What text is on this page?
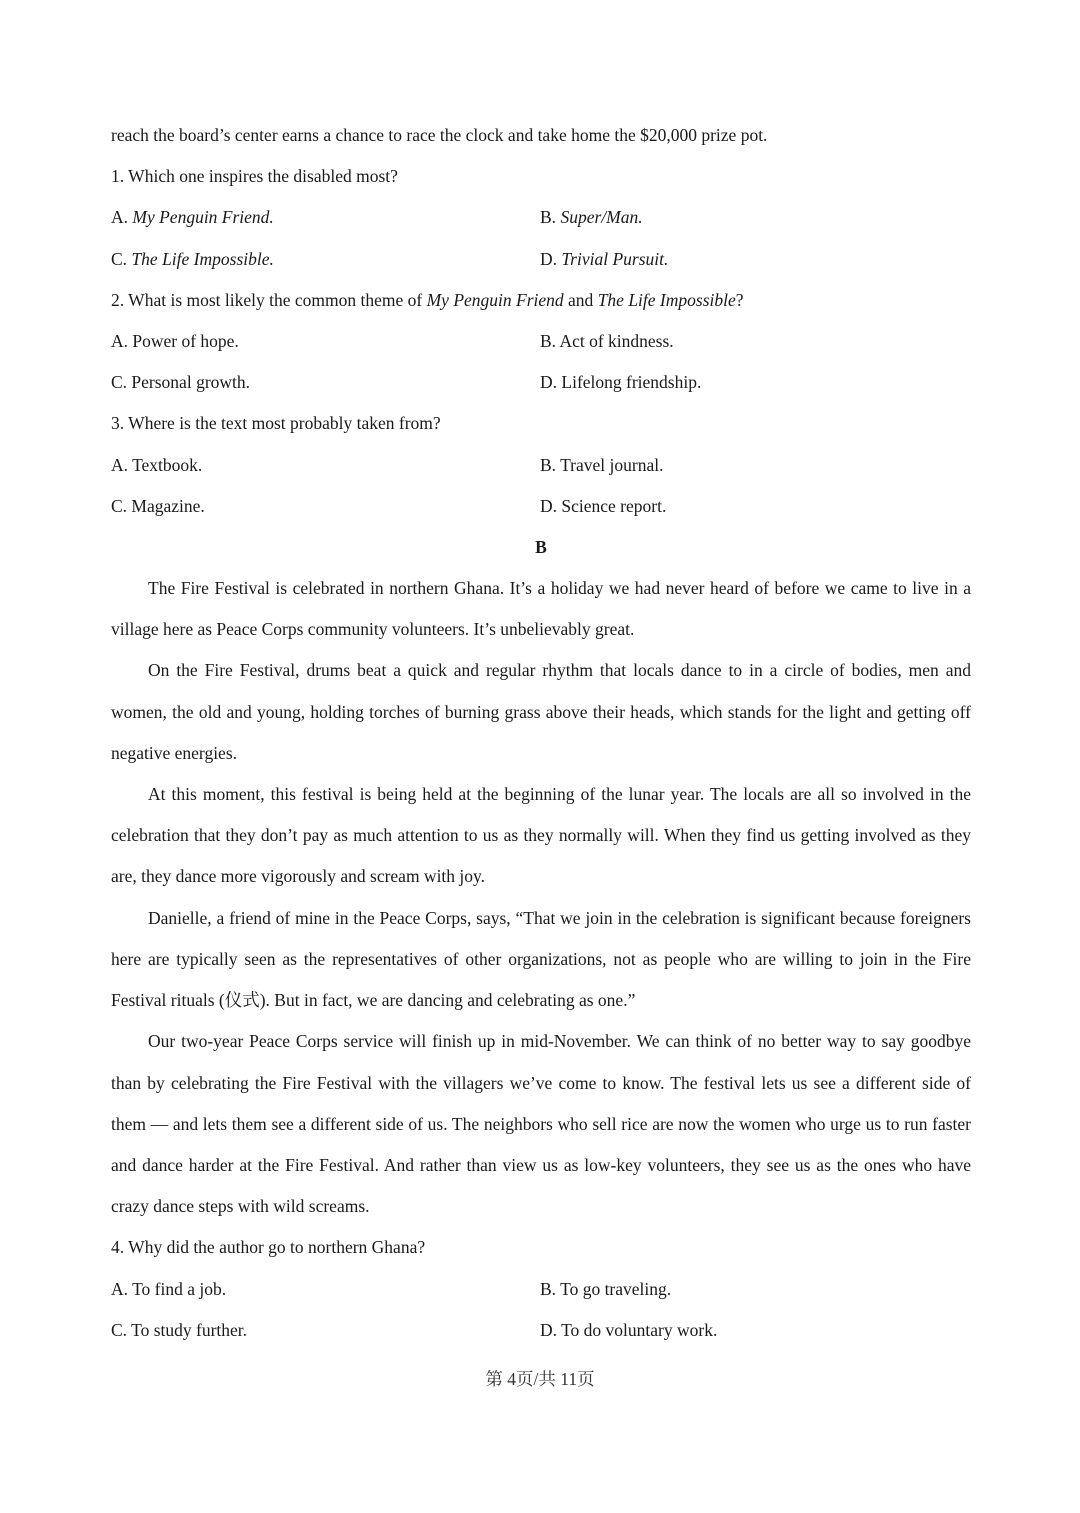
reach the board’s center earns a chance to race the clock and take home the $20,000 prize pot.
1. Which one inspires the disabled most?
A. My Penguin Friend.	B. Super/Man.
C. The Life Impossible.	D. Trivial Pursuit.
2. What is most likely the common theme of My Penguin Friend and The Life Impossible?
A. Power of hope.	B. Act of kindness.
C. Personal growth.	D. Lifelong friendship.
3. Where is the text most probably taken from?
A. Textbook.	B. Travel journal.
C. Magazine.	D. Science report.
B

The Fire Festival is celebrated in northern Ghana. It’s a holiday we had never heard of before we came to live in a village here as Peace Corps community volunteers. It’s unbelievably great.

On the Fire Festival, drums beat a quick and regular rhythm that locals dance to in a circle of bodies, men and women, the old and young, holding torches of burning grass above their heads, which stands for the light and getting off negative energies.

At this moment, this festival is being held at the beginning of the lunar year. The locals are all so involved in the celebration that they don’t pay as much attention to us as they normally will. When they find us getting involved as they are, they dance more vigorously and scream with joy.

Danielle, a friend of mine in the Peace Corps, says, “That we join in the celebration is significant because foreigners here are typically seen as the representatives of other organizations, not as people who are willing to join in the Fire Festival rituals (仪式). But in fact, we are dancing and celebrating as one.”

Our two-year Peace Corps service will finish up in mid-November. We can think of no better way to say goodbye than by celebrating the Fire Festival with the villagers we’ve come to know. The festival lets us see a different side of them — and lets them see a different side of us. The neighbors who sell rice are now the women who urge us to run faster and dance harder at the Fire Festival. And rather than view us as low-key volunteers, they see us as the ones who have crazy dance steps with wild screams.

4. Why did the author go to northern Ghana?
A. To find a job.	B. To go traveling.
C. To study further.	D. To do voluntary work.
第 4页/共 11页
